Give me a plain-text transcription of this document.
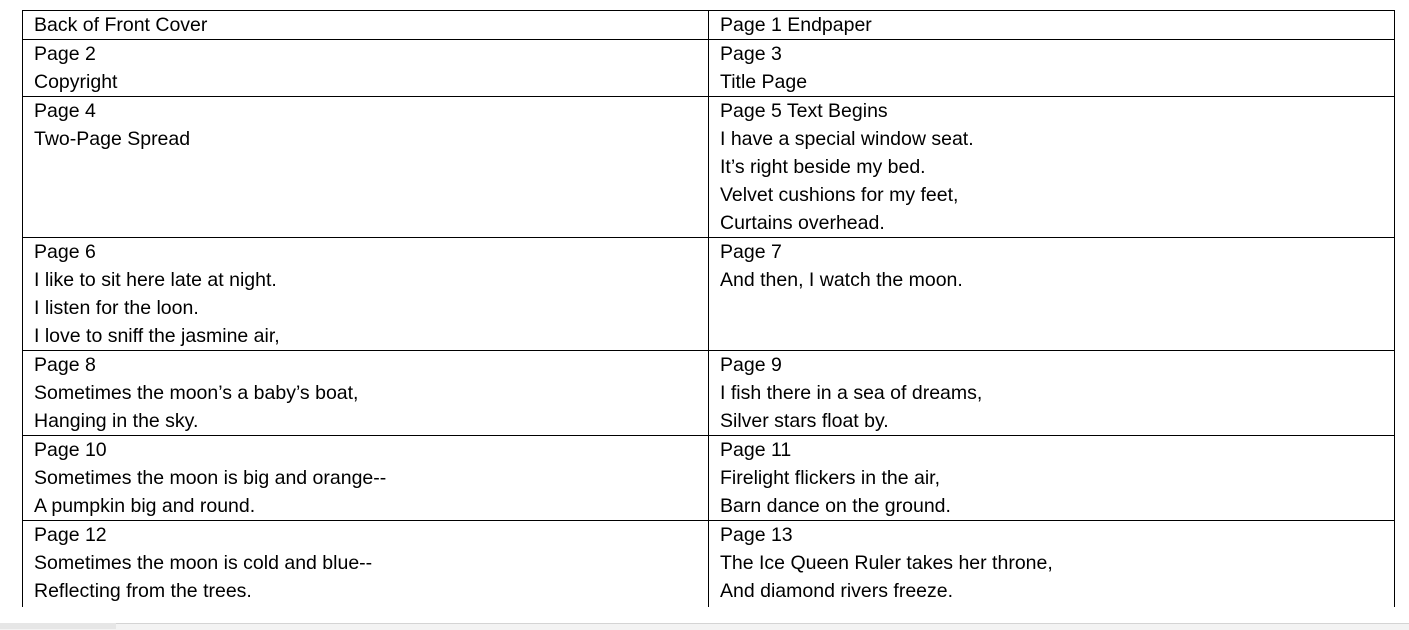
Back of Front Cover	Page 1 Endpaper

Page 2
Copyright	Page 3
Title Page

Page 4
Two-Page Spread	Page 5 Text Begins
I have a special window seat.
It’s right beside my bed.
Velvet cushions for my feet,
Curtains overhead.

Page 6
I like to sit here late at night.
I listen for the loon.
I love to sniff the jasmine air,	Page 7
And then, I watch the moon.

Page 8
Sometimes the moon’s a baby’s boat,
Hanging in the sky.	Page 9
I fish there in a sea of dreams,
Silver stars float by.

Page 10
Sometimes the moon is big and orange--
A pumpkin big and round.	Page 11
Firelight flickers in the air,
Barn dance on the ground.

Page 12
Sometimes the moon is cold and blue--
Reflecting from the trees.	Page 13
The Ice Queen Ruler takes her throne,
And diamond rivers freeze.
